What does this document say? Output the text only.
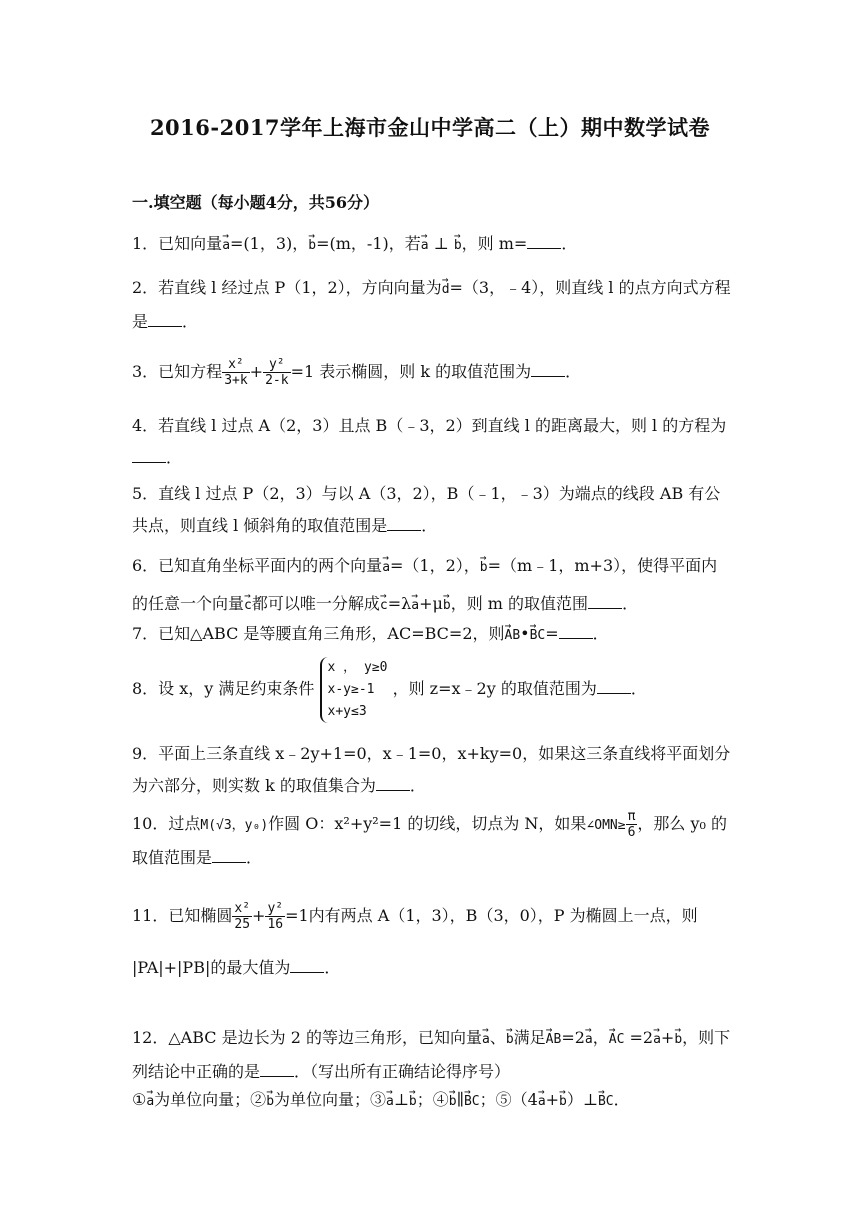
2016-2017学年上海市金山中学高二（上）期中数学试卷
一.填空题（每小题4分，共56分）
1．已知向量→ a=(1，3)，→ b=(m，-1)，若→ a ⊥ → b，则 m= ．
2．若直线 l 经过点 P（1，2），方向向量为→ d=（3，﹣4），则直线 l 的点方向式方程是 ．
3．已知方程 $\frac{\text{x²}}{3+k} + \frac{\text{y²}}{2-k} =1$ 表示椭圆，则 k 的取值范围为 ．
4．若直线 l 过点 A（2，3）且点 B（﹣3，2）到直线 l 的距离最大，则 l 的方程为．
5．直线 l 过点 P（2，3）与以 A（3，2），B（﹣1，﹣3）为端点的线段 AB 有公共点，则直线 l 倾斜角的取值范围是 ．
6．已知直角坐标平面内的两个向量→ a=（1，2），→ b=（m﹣1，m+3），使得平面内的任意一个向量→ c都可以唯一分解成→ c=λ→ a+μ→ b，则 m 的取值范围 ．
7．已知△ABC 是等腰直角三角形，AC=BC=2，则→ AB•→ BC= ．
8．设 x，y 满足约束条件
x ， y≥0
x-y≥-1
x+y≤3
，则 z=x﹣2y 的取值范围为 ．
9．平面上三条直线 x﹣2y+1=0，x﹣1=0，x+ky=0，如果这三条直线将平面划分为六部分，则实数 k 的取值集合为 ．
10．过点M(√3，y₀)作圆 O：x²+y²=1 的切线，切点为 N，如果∠OMN≥ $\frac{\pi}{6}$ ，那么 y₀ 的取值范围是 ．
11．已知椭圆 $\frac{\text{x²}}{25} + \frac{\text{y²}}{16} =1$内有两点 A（1，3），B（3，0），P 为椭圆上一点，则
|PA|+|PB|的最大值为 ．
12．△ABC 是边长为 2 的等边三角形，已知向量→ a、→ b满足→ AB=2→ a，→ AC =2→ a+→ b，则下列结论中正确的是 ．（写出所有正确结论得序号）
①→ a为单位向量；②→ b为单位向量；③→ a⊥→ b；④→ b∥→ BC；⑤（4→ a+→ b）⊥→ BC．
